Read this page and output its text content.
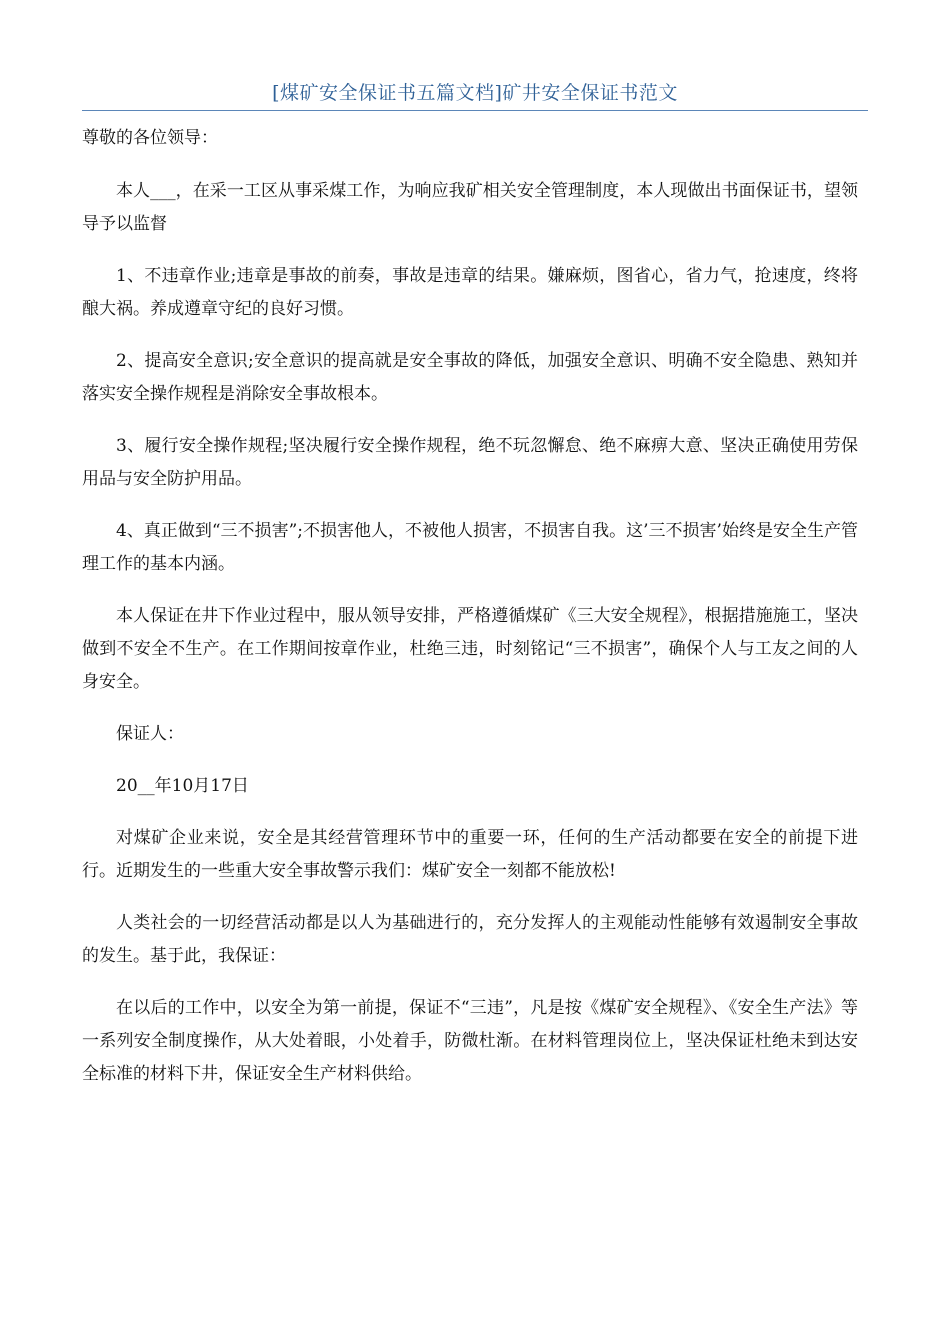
[煤矿安全保证书五篇文档]矿井安全保证书范文

尊敬的各位领导：

本人___，在采一工区从事采煤工作，为响应我矿相关安全管理制度，本人现做出书面保证书，望领导予以监督

1、不违章作业;违章是事故的前奏，事故是违章的结果。嫌麻烦，图省心，省力气，抢速度，终将酿大祸。养成遵章守纪的良好习惯。

2、提高安全意识;安全意识的提高就是安全事故的降低，加强安全意识、明确不安全隐患、熟知并落实安全操作规程是消除安全事故根本。

3、履行安全操作规程;坚决履行安全操作规程，绝不玩忽懈怠、绝不麻痹大意、坚决正确使用劳保用品与安全防护用品。

4、真正做到“三不损害”;不损害他人，不被他人损害，不损害自我。这’三不损害’始终是安全生产管理工作的基本内涵。

本人保证在井下作业过程中，服从领导安排，严格遵循煤矿《三大安全规程》，根据措施施工，坚决做到不安全不生产。在工作期间按章作业，杜绝三违，时刻铭记“三不损害”，确保个人与工友之间的人身安全。

保证人：

20__年10月17日

对煤矿企业来说，安全是其经营管理环节中的重要一环，任何的生产活动都要在安全的前提下进行。近期发生的一些重大安全事故警示我们：煤矿安全一刻都不能放松!

人类社会的一切经营活动都是以人为基础进行的，充分发挥人的主观能动性能够有效遏制安全事故的发生。基于此，我保证：

在以后的工作中，以安全为第一前提，保证不“三违”，凡是按《煤矿安全规程》、《安全生产法》等一系列安全制度操作，从大处着眼，小处着手，防微杜渐。在材料管理岗位上，坚决保证杜绝未到达安全标准的材料下井，保证安全生产材料供给。
